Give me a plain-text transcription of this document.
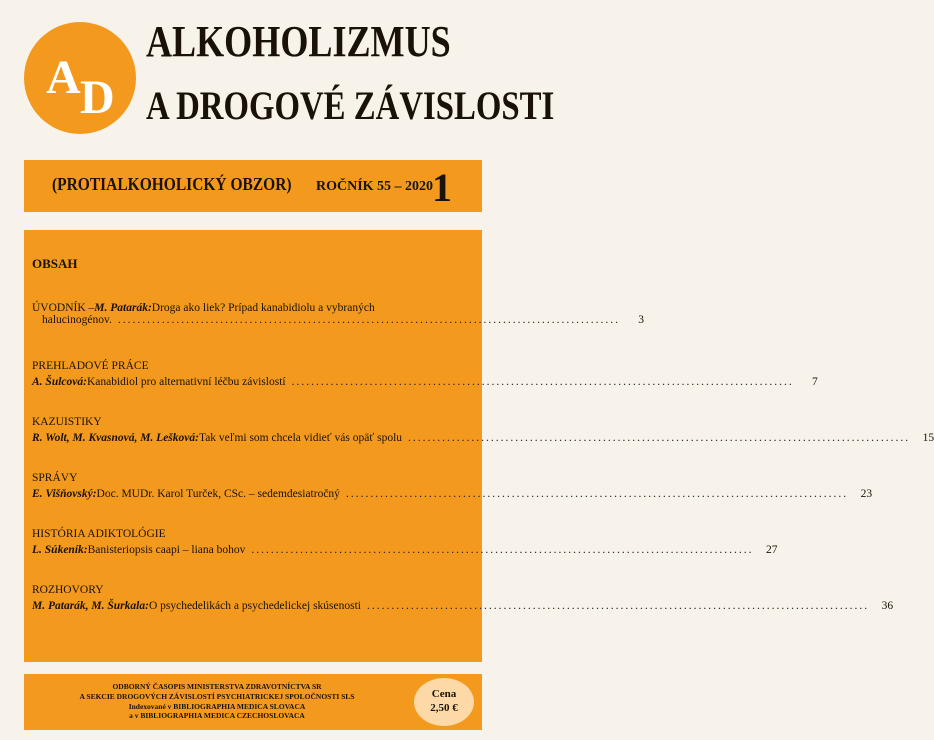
A D
ALKOHOLIZMUS
A DROGOVÉ ZÁVISLOSTI
(PROTIALKOHOLICKÝ OBZOR) ROČNÍK 55 – 2020
1
OBSAH
ÚVODNÍK – M. Patarák: Droga ako liek? Prípad kanabidiolu a vybraných
halucinogénov. .......................................................................................................	3
PREHLADOVÉ PRÁCE
A. Šulcová: Kanabidiol pro alternativní léčbu závislostí .......................................................................................................	7
KAZUISTIKY
R. Wolt, M. Kvasnová, M. Lešková: Tak veľmi som chcela vidieť vás opäť spolu .......................................................................................................	15
SPRÁVY
E. Višňovský: Doc. MUDr. Karol Turček, CSc. – sedemdesiatročný .......................................................................................................	23
HISTÓRIA ADIKTOLÓGIE
L. Súkeník: Banisteriopsis caapi – liana bohov .......................................................................................................	27
ROZHOVORY
M. Patarák, M. Šurkala: O psychedelikách a psychedelickej skúsenosti .......................................................................................................	36
ODBORNÝ ČASOPIS MINISTERSTVA ZDRAVOTNÍCTVA SR
A SEKCIE DROGOVÝCH ZÁVISLOSTÍ PSYCHIATRICKEJ SPOLOČNOSTI SLS
Indexované v BIBLIOGRAPHIA MEDICA SLOVACA
a v BIBLIOGRAPHIA MEDICA CZECHOSLOVACA
Cena
2,50 €
